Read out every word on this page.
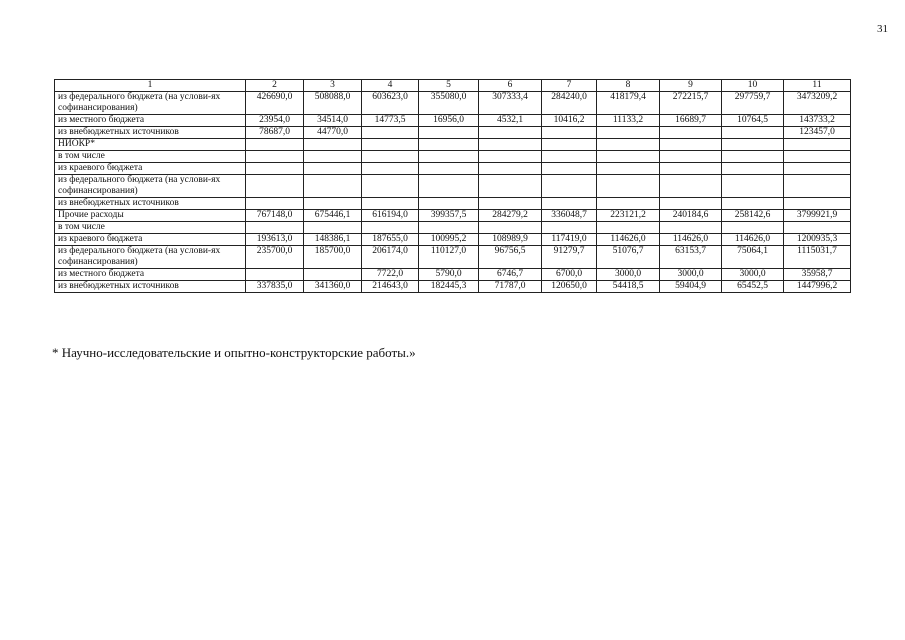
31
1	2	3	4	5	6	7	8	9	10	11
из федерального бюджета (на услови-ях софинансирования)	426690,0	508088,0	603623,0	355080,0	307333,4	284240,0	418179,4	272215,7	297759,7	3473209,2
из местного бюджета	23954,0	34514,0	14773,5	16956,0	4532,1	10416,2	11133,2	16689,7	10764,5	143733,2
из внебюджетных источников	78687,0	44770,0								123457,0
НИОКР*										
в том числе										
из краевого бюджета										
из федерального бюджета (на услови-ях софинансирования)										
из внебюджетных источников										
Прочие расходы	767148,0	675446,1	616194,0	399357,5	284279,2	336048,7	223121,2	240184,6	258142,6	3799921,9
в том числе										
из краевого бюджета	193613,0	148386,1	187655,0	100995,2	108989,9	117419,0	114626,0	114626,0	114626,0	1200935,3
из федерального бюджета (на услови-ях софинансирования)	235700,0	185700,0	206174,0	110127,0	96756,5	91279,7	51076,7	63153,7	75064,1	1115031,7
из местного бюджета			7722,0	5790,0	6746,7	6700,0	3000,0	3000,0	3000,0	35958,7
из внебюджетных источников	337835,0	341360,0	214643,0	182445,3	71787,0	120650,0	54418,5	59404,9	65452,5	1447996,2
* Научно-исследовательские и опытно-конструкторские работы.»
